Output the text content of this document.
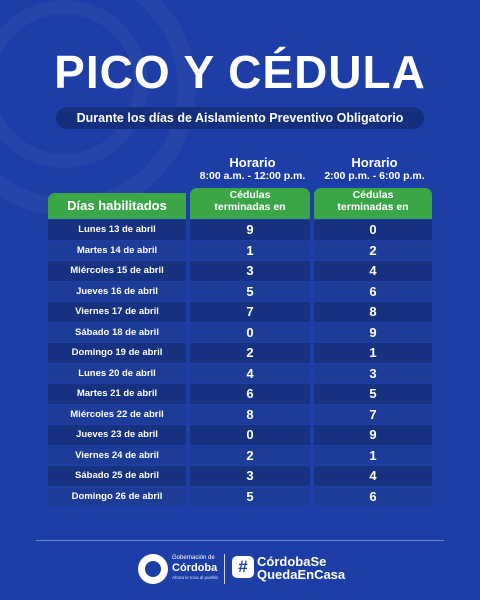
PICO Y CÉDULA
Durante los días de Aislamiento Preventivo Obligatorio
Horario
8:00 a.m. - 12:00 p.m.
Horario
2:00 p.m. - 6:00 p.m.
Días habilitados
Cédulas
terminadas en
Cédulas
terminadas en
Lunes 13 de abril	9	0
Martes 14 de abril	1	2
Miércoles 15 de abril	3	4
Jueves 16 de abril	5	6
Viernes 17 de abril	7	8
Sábado 18 de abril	0	9
Domingo 19 de abril	2	1
Lunes 20 de abril	4	3
Martes 21 de abril	6	5
Miércoles 22 de abril	8	7
Jueves 23 de abril	0	9
Viernes 24 de abril	2	1
Sábado 25 de abril	3	4
Domingo 26 de abril	5	6
Gobernación de
Córdoba
Ahora le toca al pueblo
# CórdobaSe
QuedaEnCasa
